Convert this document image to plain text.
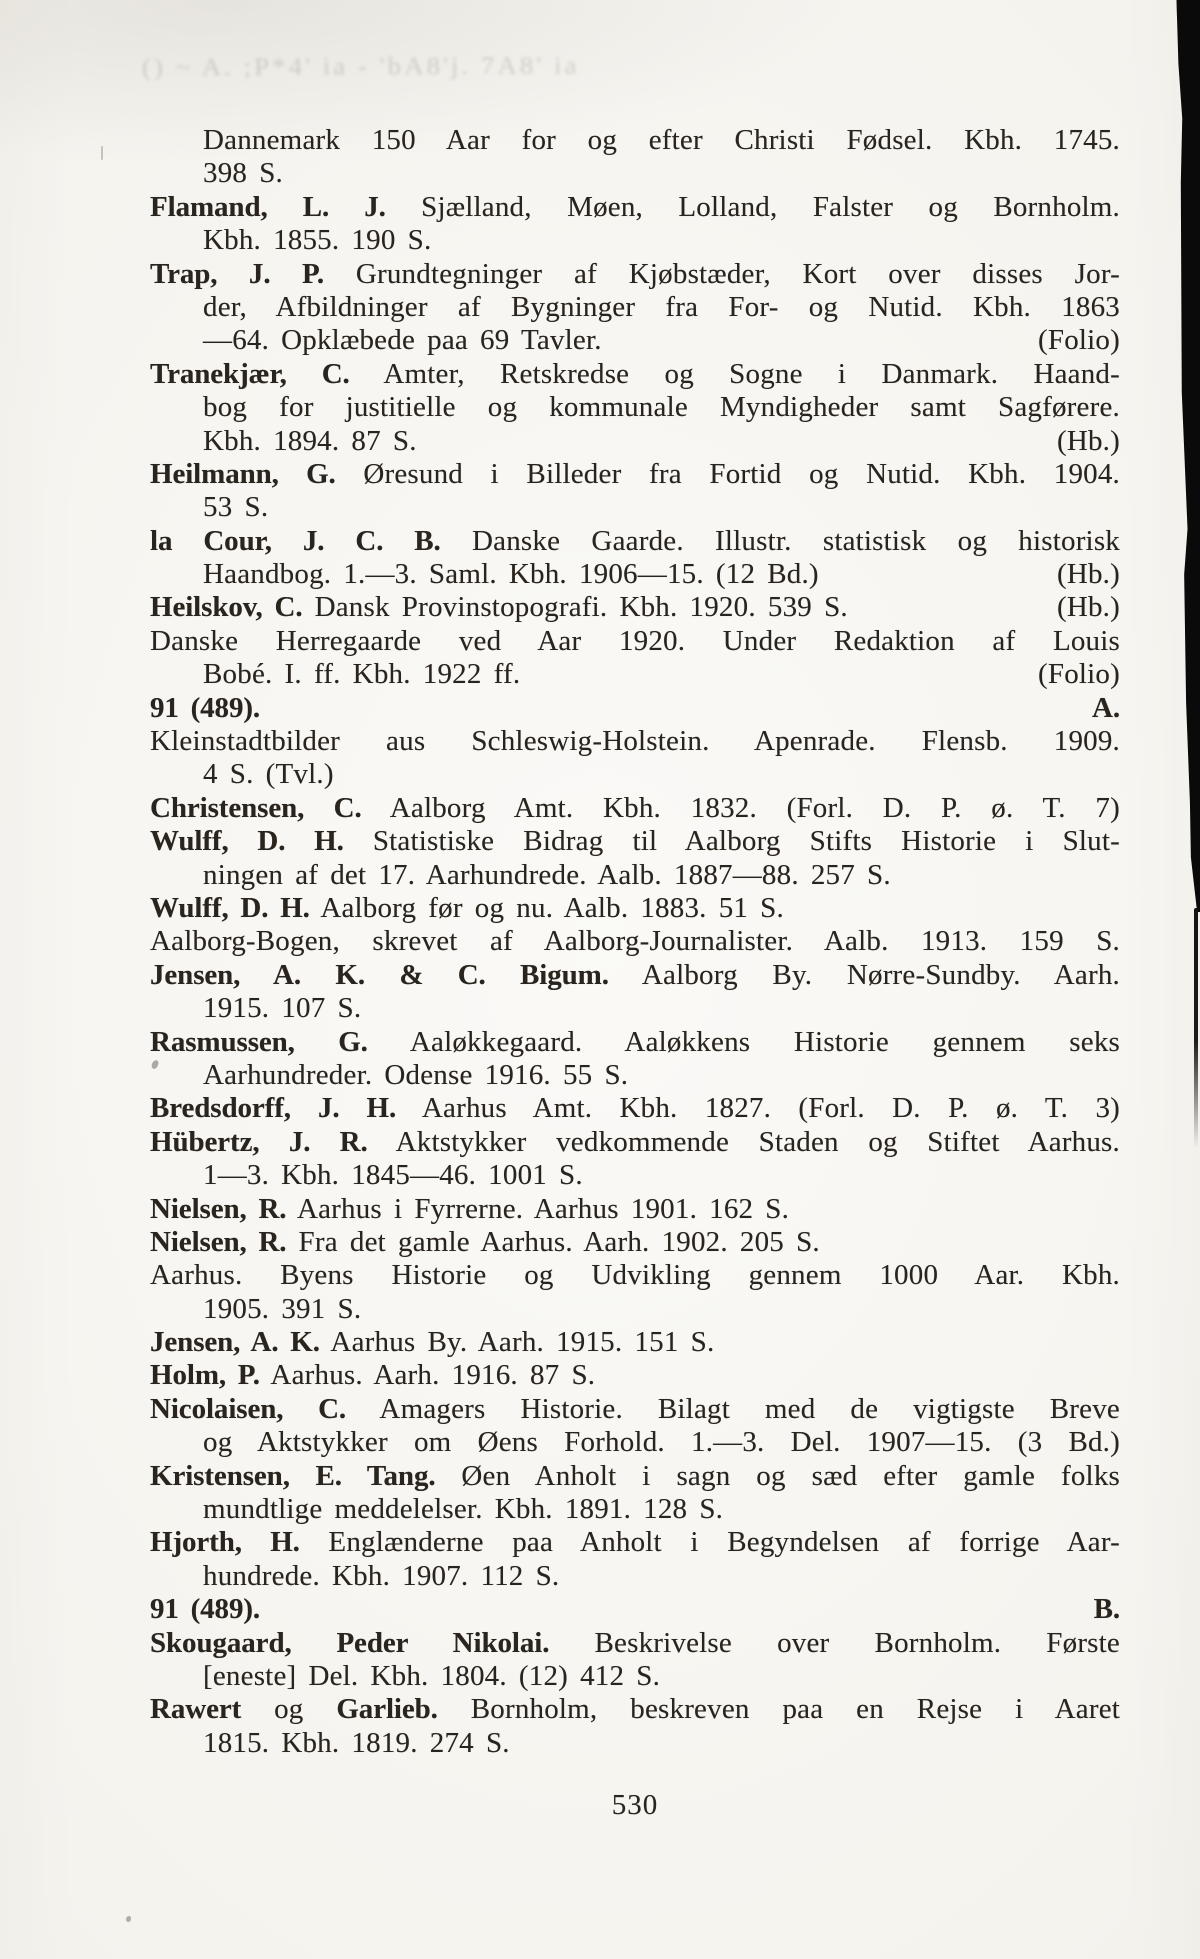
() ~ A. ;P*4' ia - 'bA8'j. 7A8' ia
Dannemark 150 Aar for og efter Christi Fødsel. Kbh. 1745.
398 S.
Flamand, L. J. Sjælland, Møen, Lolland, Falster og Bornholm.
Kbh. 1855. 190 S.
Trap, J. P. Grundtegninger af Kjøbstæder, Kort over disses Jor-
der, Afbildninger af Bygninger fra For- og Nutid. Kbh. 1863
—64. Opklæbede paa 69 Tavler.	(Folio)
Tranekjær, C. Amter, Retskredse og Sogne i Danmark. Haand-
bog for justitielle og kommunale Myndigheder samt Sagførere.
Kbh. 1894. 87 S.	(Hb.)
Heilmann, G. Øresund i Billeder fra Fortid og Nutid. Kbh. 1904.
53 S.
la Cour, J. C. B. Danske Gaarde. Illustr. statistisk og historisk
Haandbog. 1.—3. Saml. Kbh. 1906—15. (12 Bd.)	(Hb.)
Heilskov, C. Dansk Provinstopografi. Kbh. 1920. 539 S.	(Hb.)
Danske Herregaarde ved Aar 1920. Under Redaktion af Louis
Bobé. I. ff. Kbh. 1922 ff.	(Folio)
91 (489).	A.
Kleinstadtbilder aus Schleswig-Holstein. Apenrade. Flensb. 1909.
4 S. (Tvl.)
Christensen, C. Aalborg Amt. Kbh. 1832. (Forl. D. P. ø. T. 7)
Wulff, D. H. Statistiske Bidrag til Aalborg Stifts Historie i Slut-
ningen af det 17. Aarhundrede. Aalb. 1887—88. 257 S.
Wulff, D. H. Aalborg før og nu. Aalb. 1883. 51 S.
Aalborg-Bogen, skrevet af Aalborg-Journalister. Aalb. 1913. 159 S.
Jensen, A. K. & C. Bigum. Aalborg By. Nørre-Sundby. Aarh.
1915. 107 S.
Rasmussen, G. Aaløkkegaard. Aaløkkens Historie gennem seks
Aarhundreder. Odense 1916. 55 S.
Bredsdorff, J. H. Aarhus Amt. Kbh. 1827. (Forl. D. P. ø. T. 3)
Hübertz, J. R. Aktstykker vedkommende Staden og Stiftet Aarhus.
1—3. Kbh. 1845—46. 1001 S.
Nielsen, R. Aarhus i Fyrrerne. Aarhus 1901. 162 S.
Nielsen, R. Fra det gamle Aarhus. Aarh. 1902. 205 S.
Aarhus. Byens Historie og Udvikling gennem 1000 Aar. Kbh.
1905. 391 S.
Jensen, A. K. Aarhus By. Aarh. 1915. 151 S.
Holm, P. Aarhus. Aarh. 1916. 87 S.
Nicolaisen, C. Amagers Historie. Bilagt med de vigtigste Breve
og Aktstykker om Øens Forhold. 1.—3. Del. 1907—15. (3 Bd.)
Kristensen, E. Tang. Øen Anholt i sagn og sæd efter gamle folks
mundtlige meddelelser. Kbh. 1891. 128 S.
Hjorth, H. Englænderne paa Anholt i Begyndelsen af forrige Aar-
hundrede. Kbh. 1907. 112 S.
91 (489).	B.
Skougaard, Peder Nikolai. Beskrivelse over Bornholm. Første
[eneste] Del. Kbh. 1804. (12) 412 S.
Rawert og Garlieb. Bornholm, beskreven paa en Rejse i Aaret
1815. Kbh. 1819. 274 S.
530
